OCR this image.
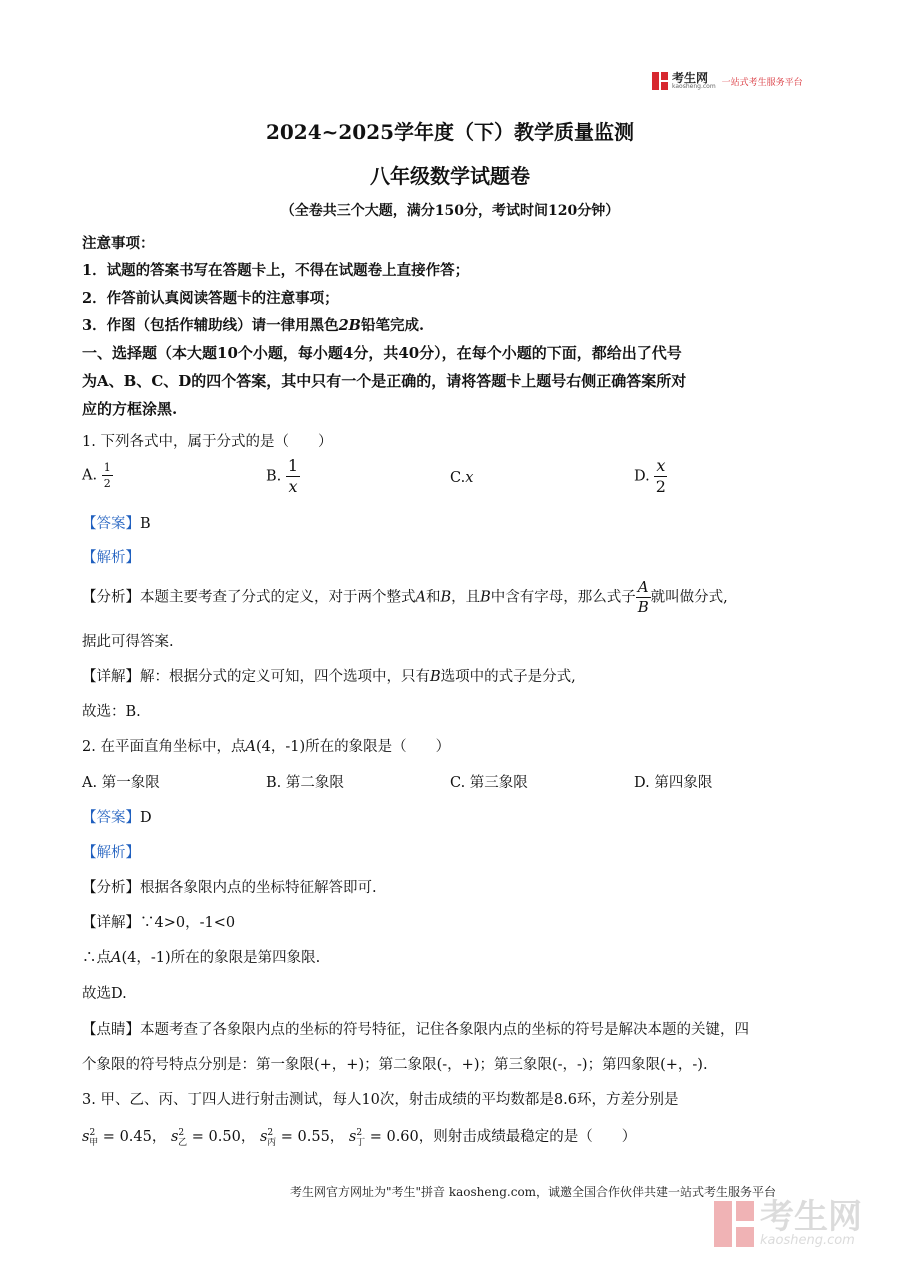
考生网
kaosheng.com 一站式考生服务平台
2024~2025学年度（下）教学质量监测
八年级数学试题卷
（全卷共三个大题，满分150分，考试时间120分钟）
注意事项：
1．试题的答案书写在答题卡上，不得在试题卷上直接作答；
2．作答前认真阅读答题卡的注意事项；
3．作图（包括作辅助线）请一律用黑色2B铅笔完成.
一、选择题（本大题10个小题，每小题4分，共40分），在每个小题的下面，都给出了代号
为A、B、C、D的四个答案，其中只有一个是正确的，请将答题卡上题号右侧正确答案所对
应的方框涂黑.
1. 下列各式中，属于分式的是（　　）
A. $\frac{1}{2}$	B. $\frac{1}{x}$	C.x	D. $\frac{x}{2}$
【答案】B
【解析】
【分析】本题主要考查了分式的定义，对于两个整式A和B，且B中含有字母，那么式子 $\frac{A}{B}$ 就叫做分式,
据此可得答案.
【详解】解：根据分式的定义可知，四个选项中，只有B选项中的式子是分式,
故选：B.
2. 在平面直角坐标中，点A(4，-1)所在的象限是（　　）
A. 第一象限	B. 第二象限	C. 第三象限	D. 第四象限
【答案】D
【解析】
【分析】根据各象限内点的坐标特征解答即可.
【详解】∵4>0，-1<0
∴点A(4，-1)所在的象限是第四象限.
故选D.
【点睛】本题考查了各象限内点的坐标的符号特征，记住各象限内点的坐标的符号是解决本题的关键，四
个象限的符号特点分别是：第一象限(+，+)；第二象限(-，+)；第三象限(-，-)；第四象限(+，-).
3. 甲、乙、丙、丁四人进行射击测试，每人10次，射击成绩的平均数都是8.6环，方差分别是
$s^2_甲 = 0.45$， $s^2_乙 = 0.50$， $s^2_丙 = 0.55$， $s^2_丁 = 0.60$，则射击成绩最稳定的是（　　）
考生网官方网址为"考生"拼音 kaosheng.com，诚邀全国合作伙伴共建一站式考生服务平台
考生网
kaosheng.com
